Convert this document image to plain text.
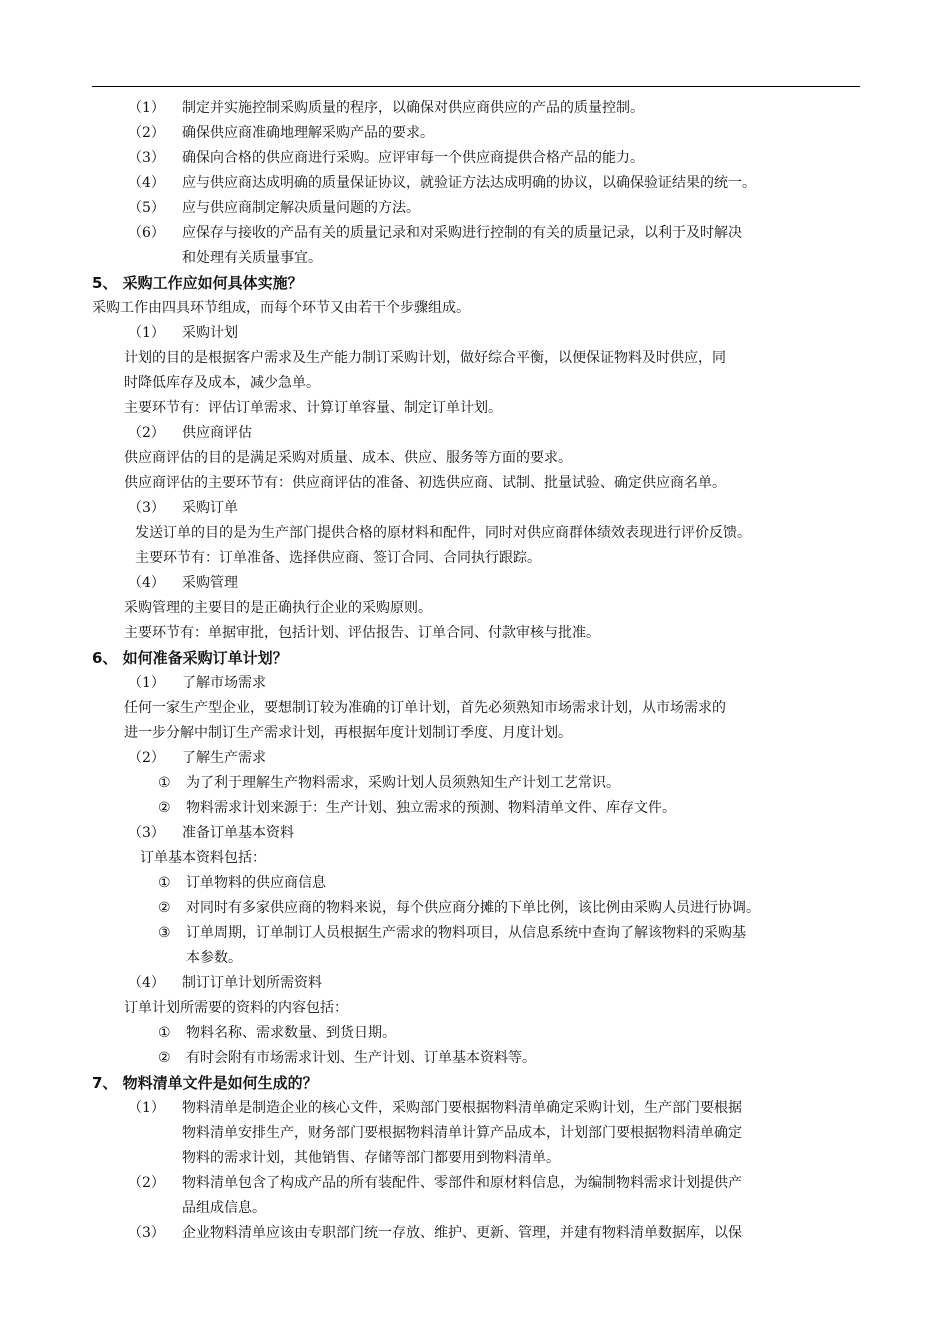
（1） 制定并实施控制采购质量的程序，以确保对供应商供应的产品的质量控制。
（2） 确保供应商准确地理解采购产品的要求。
（3） 确保向合格的供应商进行采购。应评审每一个供应商提供合格产品的能力。
（4） 应与供应商达成明确的质量保证协议，就验证方法达成明确的协议，以确保验证结果的统一。
（5） 应与供应商制定解决质量问题的方法。
（6） 应保存与接收的产品有关的质量记录和对采购进行控制的有关的质量记录，以利于及时解决
和处理有关质量事宜。
5、 采购工作应如何具体实施？
采购工作由四具环节组成，而每个环节又由若干个步骤组成。
（1） 采购计划
计划的目的是根据客户需求及生产能力制订采购计划，做好综合平衡，以便保证物料及时供应，同
时降低库存及成本，减少急单。
主要环节有：评估订单需求、计算订单容量、制定订单计划。
（2） 供应商评估
供应商评估的目的是满足采购对质量、成本、供应、服务等方面的要求。
供应商评估的主要环节有：供应商评估的准备、初选供应商、试制、批量试验、确定供应商名单。
（3） 采购订单
发送订单的目的是为生产部门提供合格的原材料和配件，同时对供应商群体绩效表现进行评价反馈。
主要环节有：订单准备、选择供应商、签订合同、合同执行跟踪。
（4） 采购管理
采购管理的主要目的是正确执行企业的采购原则。
主要环节有：单据审批，包括计划、评估报告、订单合同、付款审核与批准。
6、 如何准备采购订单计划？
（1） 了解市场需求
任何一家生产型企业，要想制订较为准确的订单计划，首先必须熟知市场需求计划，从市场需求的
进一步分解中制订生产需求计划，再根据年度计划制订季度、月度计划。
（2） 了解生产需求
① 为了利于理解生产物料需求，采购计划人员须熟知生产计划工艺常识。
② 物料需求计划来源于：生产计划、独立需求的预测、物料清单文件、库存文件。
（3） 准备订单基本资料
订单基本资料包括：
① 订单物料的供应商信息
② 对同时有多家供应商的物料来说，每个供应商分摊的下单比例，该比例由采购人员进行协调。
③ 订单周期，订单制订人员根据生产需求的物料项目，从信息系统中查询了解该物料的采购基
本参数。
（4） 制订订单计划所需资料
订单计划所需要的资料的内容包括：
① 物料名称、需求数量、到货日期。
② 有时会附有市场需求计划、生产计划、订单基本资料等。
7、 物料清单文件是如何生成的？
（1） 物料清单是制造企业的核心文件，采购部门要根据物料清单确定采购计划，生产部门要根据
物料清单安排生产，财务部门要根据物料清单计算产品成本，计划部门要根据物料清单确定
物料的需求计划，其他销售、存储等部门都要用到物料清单。
（2） 物料清单包含了构成产品的所有装配件、零部件和原材料信息，为编制物料需求计划提供产
品组成信息。
（3） 企业物料清单应该由专职部门统一存放、维护、更新、管理，并建有物料清单数据库，以保
